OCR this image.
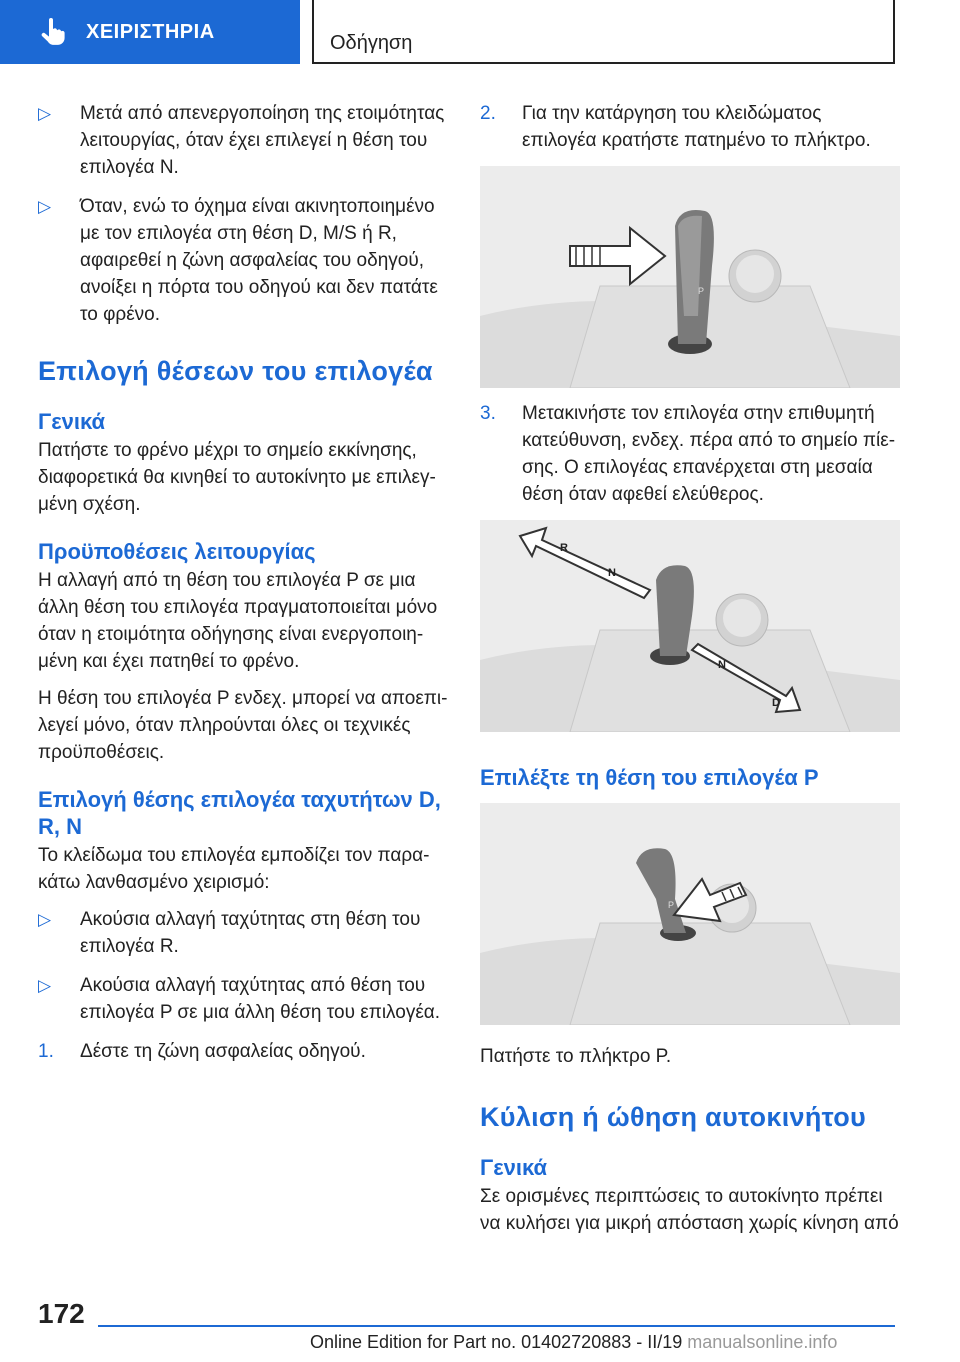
ΧΕΙΡΙΣΤΗΡΙΑ
Οδήγηση
▷ Μετά από απενεργοποίηση της ετοιμότητας λειτουργίας, όταν έχει επιλεγεί η θέση του επιλογέα N.
▷ Όταν, ενώ το όχημα είναι ακινητοποιημένο με τον επιλογέα στη θέση D, M/S ή R, αφαιρεθεί η ζώνη ασφαλείας του οδηγού, ανοίξει η πόρτα του οδηγού και δεν πατάτε το φρένο.
Επιλογή θέσεων του επιλογέα
Γενικά

Πατήστε το φρένο μέχρι το σημείο εκκίνησης, διαφορετικά θα κινηθεί το αυτοκίνητο με επιλεγ‐μένη σχέση.

Προϋποθέσεις λειτουργίας

Η αλλαγή από τη θέση του επιλογέα P σε μια άλλη θέση του επιλογέα πραγματοποιείται μόνο όταν η ετοιμότητα οδήγησης είναι ενεργοποιη‐μένη και έχει πατηθεί το φρένο.

Η θέση του επιλογέα P ενδεχ. μπορεί να αποεπι‐λεγεί μόνο, όταν πληρούνται όλες οι τεχνικές προϋποθέσεις.

Επιλογή θέσης επιλογέα ταχυτήτων D, R, N

Το κλείδωμα του επιλογέα εμποδίζει τον παρα‐κάτω λανθασμένο χειρισμό:

▷ Ακούσια αλλαγή ταχύτητας στη θέση του επιλογέα R.
▷ Ακούσια αλλαγή ταχύτητας από θέση του επιλογέα P σε μια άλλη θέση του επιλογέα.
1. Δέστε τη ζώνη ασφαλείας οδηγού.
2. Για την κατάργηση του κλειδώματος επιλογέα κρατήστε πατημένο το πλήκτρο.
P
3. Μετακινήστε τον επιλογέα στην επιθυμητή κατεύθυνση, ενδεχ. πέρα από το σημείο πίε‐σης. Ο επιλογέας επανέρχεται στη μεσαία θέση όταν αφεθεί ελεύθερος.
R
N
N
D
Επιλέξτε τη θέση του επιλογέα P
P

Πατήστε το πλήκτρο P.

Κύλιση ή ώθηση αυτοκινήτου
Γενικά

Σε ορισμένες περιπτώσεις το αυτοκίνητο πρέπει να κυλήσει για μικρή απόσταση χωρίς κίνηση από

172
Online Edition for Part no. 01402720883 - II/19 manualsonline.info
